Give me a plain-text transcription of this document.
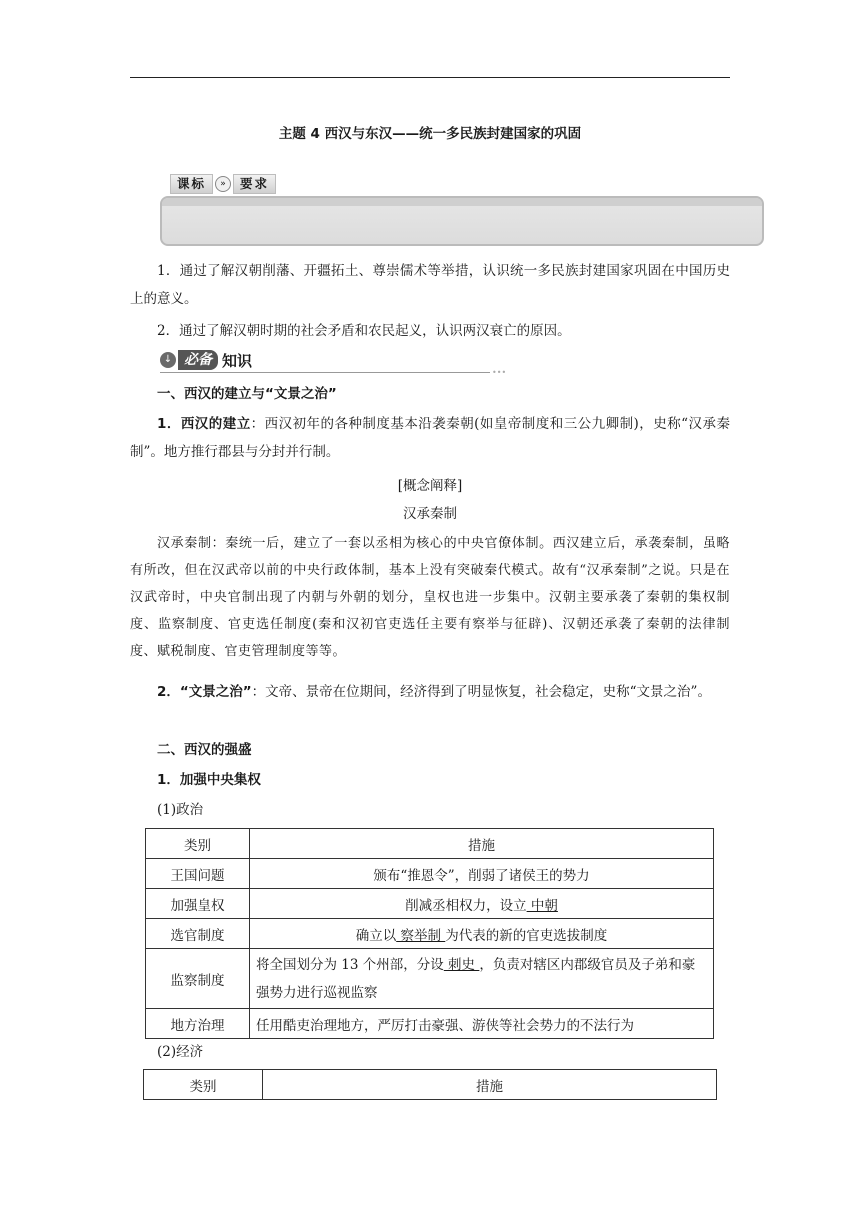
主题 4 西汉与东汉——统一多民族封建国家的巩固
课标	»	要求
1．通过了解汉朝削藩、开疆拓土、尊崇儒术等举措，认识统一多民族封建国家巩固在中国历史上的意义。
2．通过了解汉朝时期的社会矛盾和农民起义，认识两汉衰亡的原因。
↓ 必备 知识
•••
一、西汉的建立与“文景之治”
1．西汉的建立：西汉初年的各种制度基本沿袭秦朝(如皇帝制度和三公九卿制)，史称“汉承秦制”。地方推行郡县与分封并行制。
[概念阐释]
汉承秦制
汉承秦制：秦统一后，建立了一套以丞相为核心的中央官僚体制。西汉建立后，承袭秦制，虽略有所改，但在汉武帝以前的中央行政体制，基本上没有突破秦代模式。故有“汉承秦制”之说。只是在汉武帝时，中央官制出现了内朝与外朝的划分，皇权也进一步集中。汉朝主要承袭了秦朝的集权制度、监察制度、官吏选任制度(秦和汉初官吏选任主要有察举与征辟)、汉朝还承袭了秦朝的法律制度、赋税制度、官吏管理制度等等。
2．“文景之治”：文帝、景帝在位期间，经济得到了明显恢复，社会稳定，史称“文景之治”。
二、西汉的强盛
1．加强中央集权
(1)政治
类别	措施
王国问题	颁布“推恩令”，削弱了诸侯王的势力
加强皇权	削减丞相权力，设立 中朝
选官制度	确立以 察举制 为代表的新的官吏选拔制度
监察制度	将全国划分为 13 个州部，分设 刺史 ，负责对辖区内郡级官员及子弟和豪强势力进行巡视监察
地方治理	任用酷吏治理地方，严厉打击豪强、游侠等社会势力的不法行为
(2)经济
类别	措施
